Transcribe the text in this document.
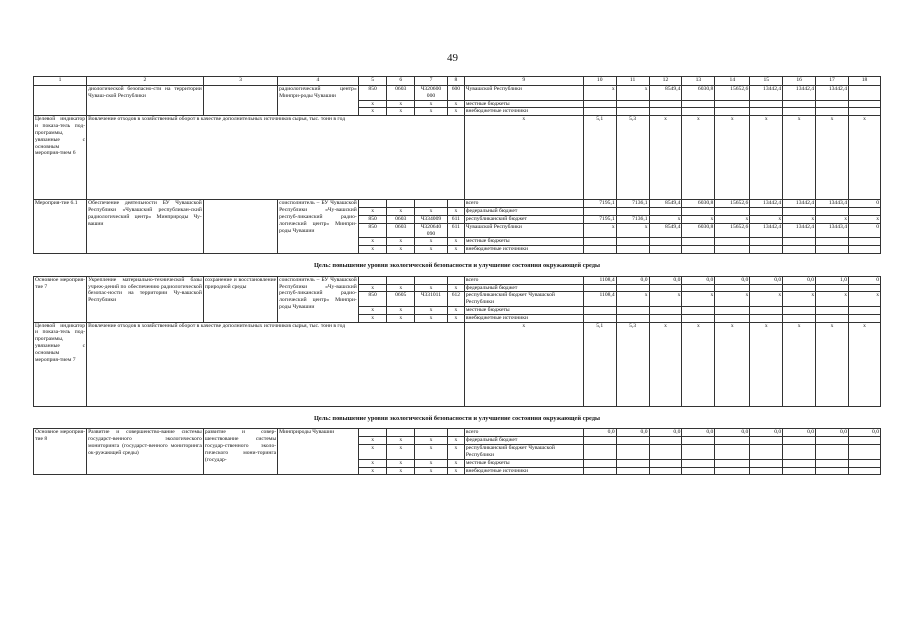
49
1	2	3	4	5	6	7	8	9	10	11	12	13	14	15	16	17	18
	диологической безопасно-сти на территории Чуваш-ской Республики		радиологический центр» Минпри-роды Чувашии	850	0603	Ч320600 000	600	Чувашской Республики	x	x	8549,4	6030,8	15652,6	13442,4	13442,4	13442,4	
				x	x	x	x	местные бюджеты									
				x	x	x	x	внебюджетные источники									
Целевой индикатор и показа-тель под-программы, увязанные с основным мероприя-тием 6	Вовлечение отходов в хозяйственный оборот в качестве дополнительных источников сырья, тыс. тонн в год							x	5,1	5,3	x	x	x	x	x	x	x
Мероприя-тие 6.1	Обеспечение деятельности БУ Чувашской Республики «Чувашский республикан-ский радиологический центр» Минприроды Чу-вашии		соисполнитель – БУ Чувашской Республики «Чу-вашский респуб-ликанский радио-логический центр» Минпри-роды Чувашии					всего	7195,1	7136,1	8549,4	6030,8	15652,6	13442,4	13442,4	13443,4	0
				x	x	x	x	федеральный бюджет									
				850	0603	Ч334009	611	республиканский бюджет	7195,1	7136,1	x	x	x	x	x	x	x
				850	0603	Ч320640 090	611	Чувашской Республики	x	x	8549,4	6030,8	15652,6	13442,4	13442,4	13443,4	0
				x	x	x	x	местные бюджеты									
				x	x	x	x	внебюджетные источники									
Цель: повышение уровня экологической безопасности и улучшение состояния окружающей среды																	
Основное мероприя-тие 7	Укрепление материально-технической базы учреж-дений по обеспечению радиологической безопас-ности на территории Чу-вашской Республики	сохранение и восстановление природной среды	соисполнитель – БУ Чувашской Республики «Чу-вашский респуб-ликанский радио-логический центр» Минпри-роды Чувашии					всего	1108,4	0,0	0,0	0,0	0,0	0,0	0,0	1,0	0
				x	x	x	x	федеральный бюджет									
				850	0605	Ч331011	612	республиканский бюджет Чувашской Республики	1108,4	x	x	x	x	x	x	x	x
				x	x	x	x	местные бюджеты									
				x	x	x	x	внебюджетные источники									
Целевой индикатор и показа-тель под-программы, увязанные с основным мероприя-тием 7	Вовлечение отходов в хозяйственный оборот в качестве дополнительных источников сырья, тыс. тонн в год							x	5,1	5,3	x	x	x	x	x	x	x
Цель: повышение уровня экологической безопасности и улучшение состояния окружающей среды																	
Основное мероприя-тие 8	Развитие и совершенство-вание системы государст-венного экологического мониторинга (государст-венного мониторинга ок-ружающей среды)	развитие и совер-шенствование системы государ-ственного эколо-гического мони-торинга (государ-	Минприроды Чувашии					всего	0,0	0,0	0,0	0,0	0,0	0,0	0,0	0,0	0,0
				x	x	x	x	федеральный бюджет									
				x	x	x	x	республиканский бюджет Чувашской Республики									
				x	x	x	x	местные бюджеты									
				x	x	x	x	внебюджетные источники									
